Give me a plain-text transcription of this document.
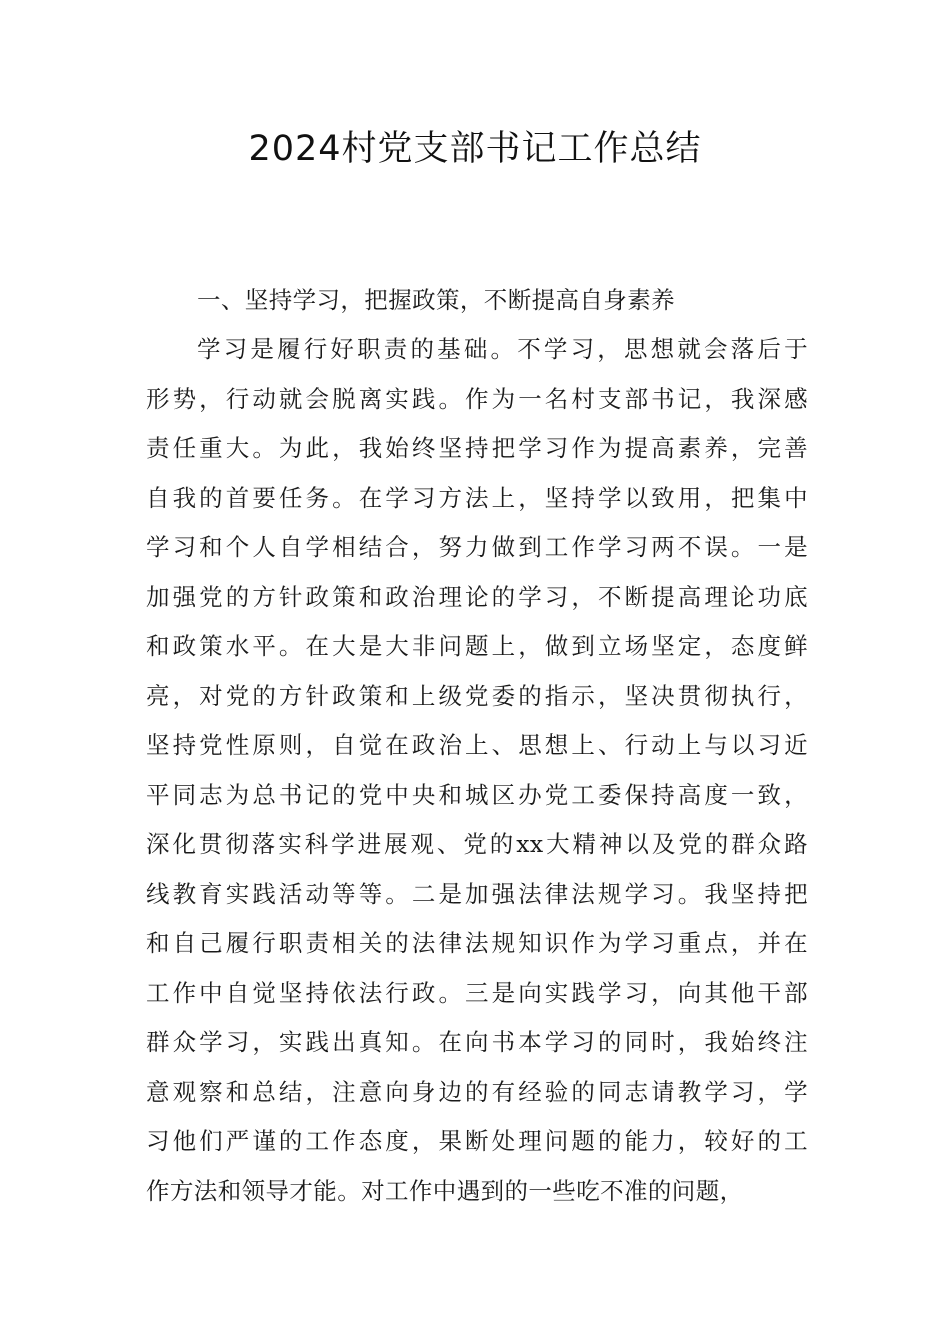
2024村党支部书记工作总结

一、坚持学习，把握政策，不断提高自身素养

学习是履行好职责的基础。不学习，思想就会落后于

形势，行动就会脱离实践。作为一名村支部书记，我深感

责任重大。为此，我始终坚持把学习作为提高素养，完善

自我的首要任务。在学习方法上，坚持学以致用，把集中

学习和个人自学相结合，努力做到工作学习两不误。一是

加强党的方针政策和政治理论的学习，不断提高理论功底

和政策水平。在大是大非问题上，做到立场坚定，态度鲜

亮，对党的方针政策和上级党委的指示，坚决贯彻执行，

坚持党性原则，自觉在政治上、思想上、行动上与以习近

平同志为总书记的党中央和城区办党工委保持高度一致，

深化贯彻落实科学进展观、党的xx大精神以及党的群众路

线教育实践活动等等。二是加强法律法规学习。我坚持把

和自己履行职责相关的法律法规知识作为学习重点，并在

工作中自觉坚持依法行政。三是向实践学习，向其他干部

群众学习，实践出真知。在向书本学习的同时，我始终注

意观察和总结，注意向身边的有经验的同志请教学习，学

习他们严谨的工作态度，果断处理问题的能力，较好的工

作方法和领导才能。对工作中遇到的一些吃不准的问题，
